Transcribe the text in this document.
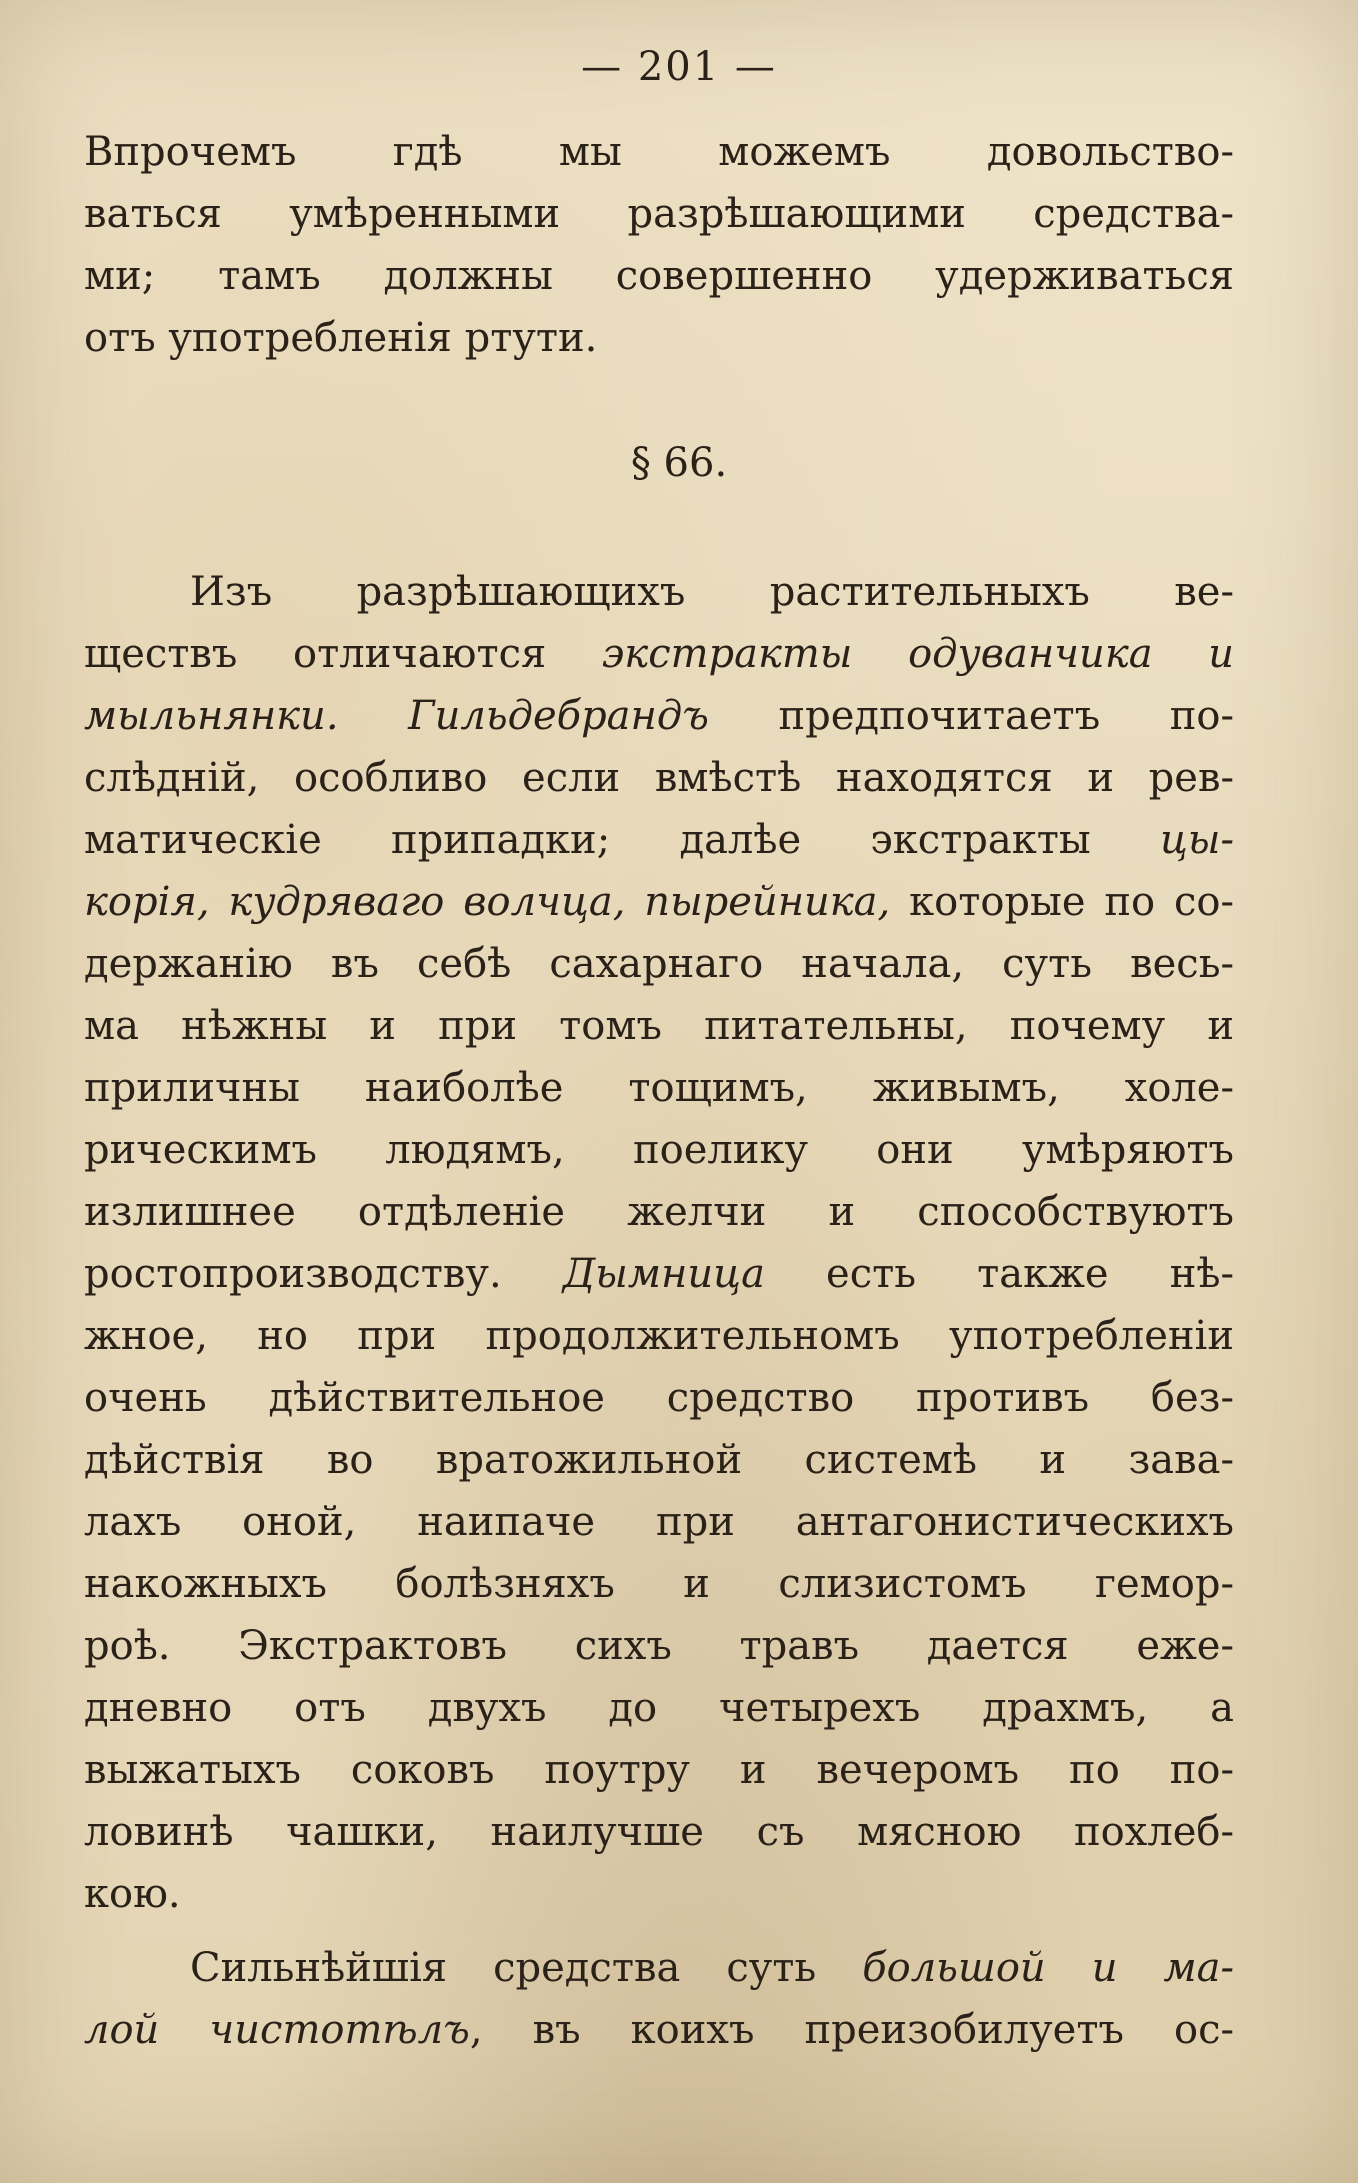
— 201 —
Впрочемъ гдѣ мы можемъ довольство-
ваться умѣренными разрѣшающими средства-
ми; тамъ должны совершенно удерживаться
отъ употребленія ртути.
§ 66.
Изъ разрѣшающихъ растительныхъ ве-
ществъ отличаются экстракты одуванчика и
мыльнянки. Гильдебрандъ предпочитаетъ по-
слѣдній, особливо если вмѣстѣ находятся и рев-
матическіе припадки; далѣе экстракты цы-
корія, кудряваго волчца, пырейника, которые по со-
держанію въ себѣ сахарнаго начала, суть весь-
ма нѣжны и при томъ питательны, почему и
приличны наиболѣе тощимъ, живымъ, холе-
рическимъ людямъ, поелику они умѣряютъ
излишнее отдѣленіе желчи и способствуютъ
ростопроизводству. Дымница есть также нѣ-
жное, но при продолжительномъ употребленіи
очень дѣйствительное средство противъ без-
дѣйствія во вратожильной системѣ и зава-
лахъ оной, наипаче при антагонистическихъ
накожныхъ болѣзняхъ и слизистомъ гемор-
роѣ. Экстрактовъ сихъ травъ дается еже-
дневно отъ двухъ до четырехъ драхмъ, а
выжатыхъ соковъ поутру и вечеромъ по по-
ловинѣ чашки, наилучше съ мясною похлеб-
кою.
Сильнѣйшія средства суть большой и ма-
лой чистотѣлъ, въ коихъ преизобилуетъ ос-
